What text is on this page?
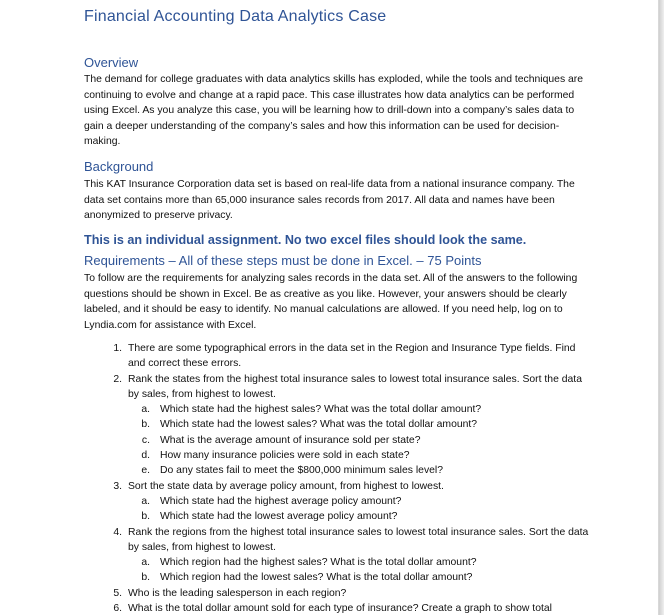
Financial Accounting Data Analytics Case
Overview

The demand for college graduates with data analytics skills has exploded, while the tools and techniques are continuing to evolve and change at a rapid pace. This case illustrates how data analytics can be performed using Excel. As you analyze this case, you will be learning how to drill-down into a company’s sales data to gain a deeper understanding of the company’s sales and how this information can be used for decision-making.

Background

This KAT Insurance Corporation data set is based on real-life data from a national insurance company. The data set contains more than 65,000 insurance sales records from 2017. All data and names have been anonymized to preserve privacy.

This is an individual assignment. No two excel files should look the same.
Requirements – All of these steps must be done in Excel. – 75 Points

To follow are the requirements for analyzing sales records in the data set. All of the answers to the following questions should be shown in Excel. Be as creative as you like. However, your answers should be clearly labeled, and it should be easy to identify. No manual calculations are allowed. If you need help, log on to Lyndia.com for assistance with Excel.

1. There are some typographical errors in the data set in the Region and Insurance Type fields. Find and correct these errors.
2. Rank the states from the highest total insurance sales to lowest total insurance sales. Sort the data by sales, from highest to lowest.
a. Which state had the highest sales? What was the total dollar amount?
b. Which state had the lowest sales? What was the total dollar amount?
c. What is the average amount of insurance sold per state?
d. How many insurance policies were sold in each state?
e. Do any states fail to meet the $800,000 minimum sales level?
3. Sort the state data by average policy amount, from highest to lowest.
a. Which state had the highest average policy amount?
b. Which state had the lowest average policy amount?
4. Rank the regions from the highest total insurance sales to lowest total insurance sales. Sort the data by sales, from highest to lowest.
a. Which region had the highest sales? What is the total dollar amount?
b. Which region had the lowest sales? What is the total dollar amount?
5. Who is the leading salesperson in each region?
6. What is the total dollar amount sold for each type of insurance? Create a graph to show total
